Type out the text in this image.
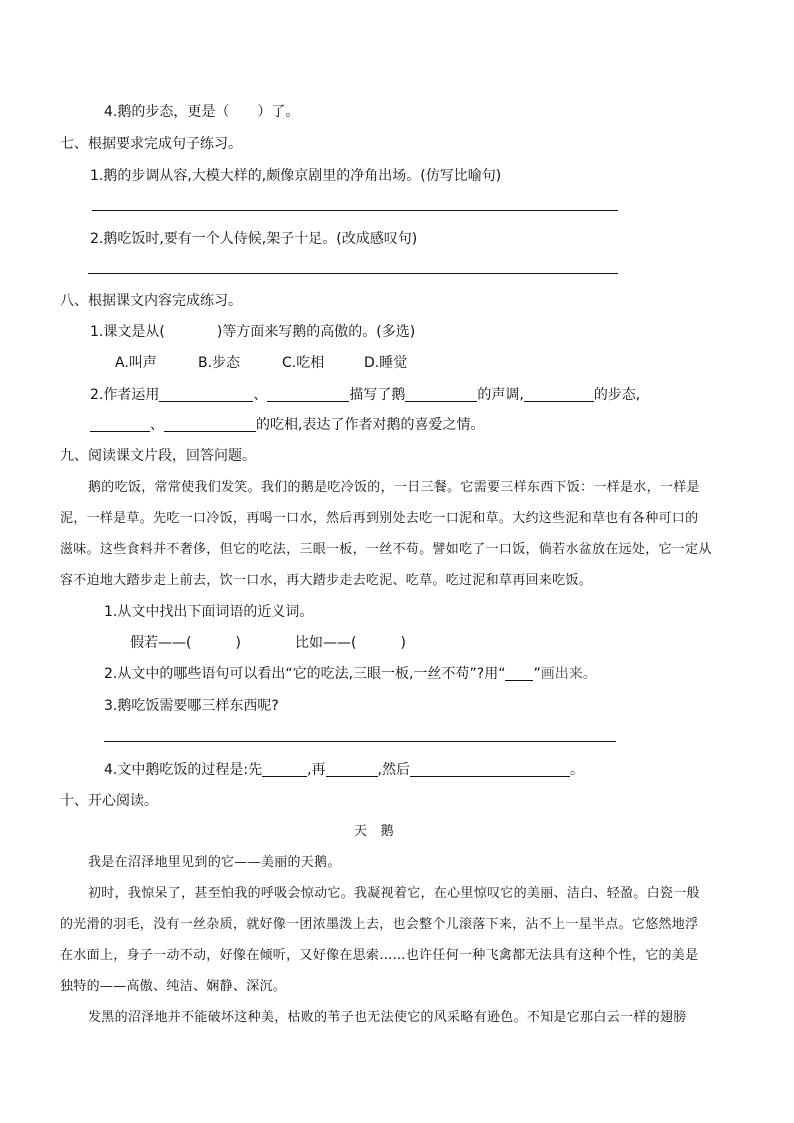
4.鹅的步态，更是（　　）了。
七、根据要求完成句子练习。
1.鹅的步调从容,大模大样的,颇像京剧里的净角出场。(仿写比喻句)
2.鹅吃饭时,要有一个人侍候,架子十足。(改成感叹句)
八、根据课文内容完成练习。
1.课文是从(	)等方面来写鹅的高傲的。(多选)
A.叫声	B.步态	C.吃相	D.睡觉
2.作者运用	、	描写了鹅	的声调,	的步态,
、	的吃相,表达了作者对鹅的喜爱之情。
九、阅读课文片段，回答问题。
鹅的吃饭，常常使我们发笑。我们的鹅是吃冷饭的，一日三餐。它需要三样东西下饭：一样是水，一样是
泥，一样是草。先吃一口冷饭，再喝一口水，然后再到别处去吃一口泥和草。大约这些泥和草也有各种可口的
滋味。这些食料并不奢侈，但它的吃法，三眼一板，一丝不苟。譬如吃了一口饭，倘若水盆放在远处，它一定从
容不迫地大踏步走上前去，饮一口水，再大踏步走去吃泥、吃草。吃过泥和草再回来吃饭。
1.从文中找出下面词语的近义词。
假若——(	)	比如——(	)
2.从文中的哪些语句可以看出“它的吃法,三眼一板,一丝不苟”?用“ ”画出来。
3.鹅吃饭需要哪三样东西呢?
4.文中鹅吃饭的过程是:先	,再	,然后	。
十、开心阅读。
天　鹅
我是在沼泽地里见到的它——美丽的天鹅。
初时，我惊呆了，甚至怕我的呼吸会惊动它。我凝视着它，在心里惊叹它的美丽、洁白、轻盈。白瓷一般
的光滑的羽毛，没有一丝杂质，就好像一团浓墨泼上去，也会整个儿滚落下来，沾不上一星半点。它悠然地浮
在水面上，身子一动不动，好像在倾听，又好像在思索……也许任何一种飞禽都无法具有这种个性，它的美是
独特的——高傲、纯洁、娴静、深沉。
发黑的沼泽地并不能破坏这种美，枯败的苇子也无法使它的风采略有逊色。不知是它那白云一样的翅膀
